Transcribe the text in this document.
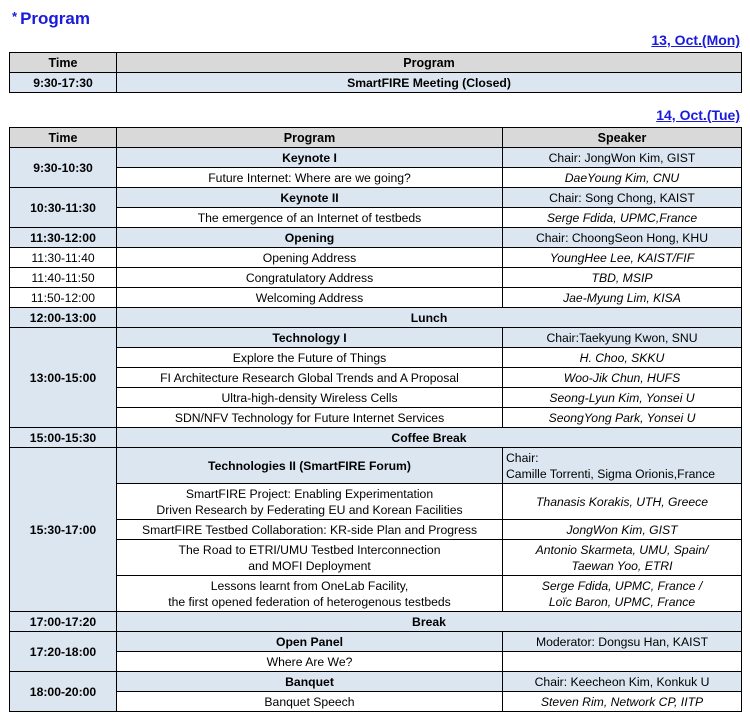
* Program
13, Oct.(Mon)
Time	Program
9:30-17:30	SmartFIRE Meeting (Closed)
14, Oct.(Tue)
Time	Program	Speaker
9:30-10:30	Keynote I	Chair: JongWon Kim, GIST
	Future Internet: Where are we going?	DaeYoung Kim, CNU
10:30-11:30	Keynote II	Chair: Song Chong, KAIST
	The emergence of an Internet of testbeds	Serge Fdida, UPMC,France
11:30-12:00	Opening	Chair: ChoongSeon Hong, KHU
11:30-11:40	Opening Address	YoungHee Lee, KAIST/FIF
11:40-11:50	Congratulatory Address	TBD, MSIP
11:50-12:00	Welcoming Address	Jae-Myung Lim, KISA
12:00-13:00	Lunch	
13:00-15:00	Technology I	Chair:Taekyung Kwon, SNU
	Explore the Future of Things	H. Choo, SKKU
	FI Architecture Research Global Trends and A Proposal	Woo-Jik Chun, HUFS
	Ultra-high-density Wireless Cells	Seong-Lyun Kim, Yonsei U
	SDN/NFV Technology for Future Internet Services	SeongYong Park, Yonsei U
15:00-15:30	Coffee Break	
15:30-17:00	Technologies II (SmartFIRE Forum)	Chair:
Camille Torrenti, Sigma Orionis,France
	SmartFIRE Project: Enabling Experimentation
Driven Research by Federating EU and Korean Facilities	Thanasis Korakis, UTH, Greece
	SmartFIRE Testbed Collaboration: KR-side Plan and Progress	JongWon Kim, GIST
	The Road to ETRI/UMU Testbed Interconnection
and MOFI Deployment	Antonio Skarmeta, UMU, Spain/
Taewan Yoo, ETRI
	Lessons learnt from OneLab Facility,
the first opened federation of heterogenous testbeds	Serge Fdida, UPMC, France /
Loïc Baron, UPMC, France
17:00-17:20	Break	
17:20-18:00	Open Panel	Moderator: Dongsu Han, KAIST
	Where Are We?	
18:00-20:00	Banquet	Chair: Keecheon Kim, Konkuk U
	Banquet Speech	Steven Rim, Network CP, IITP
